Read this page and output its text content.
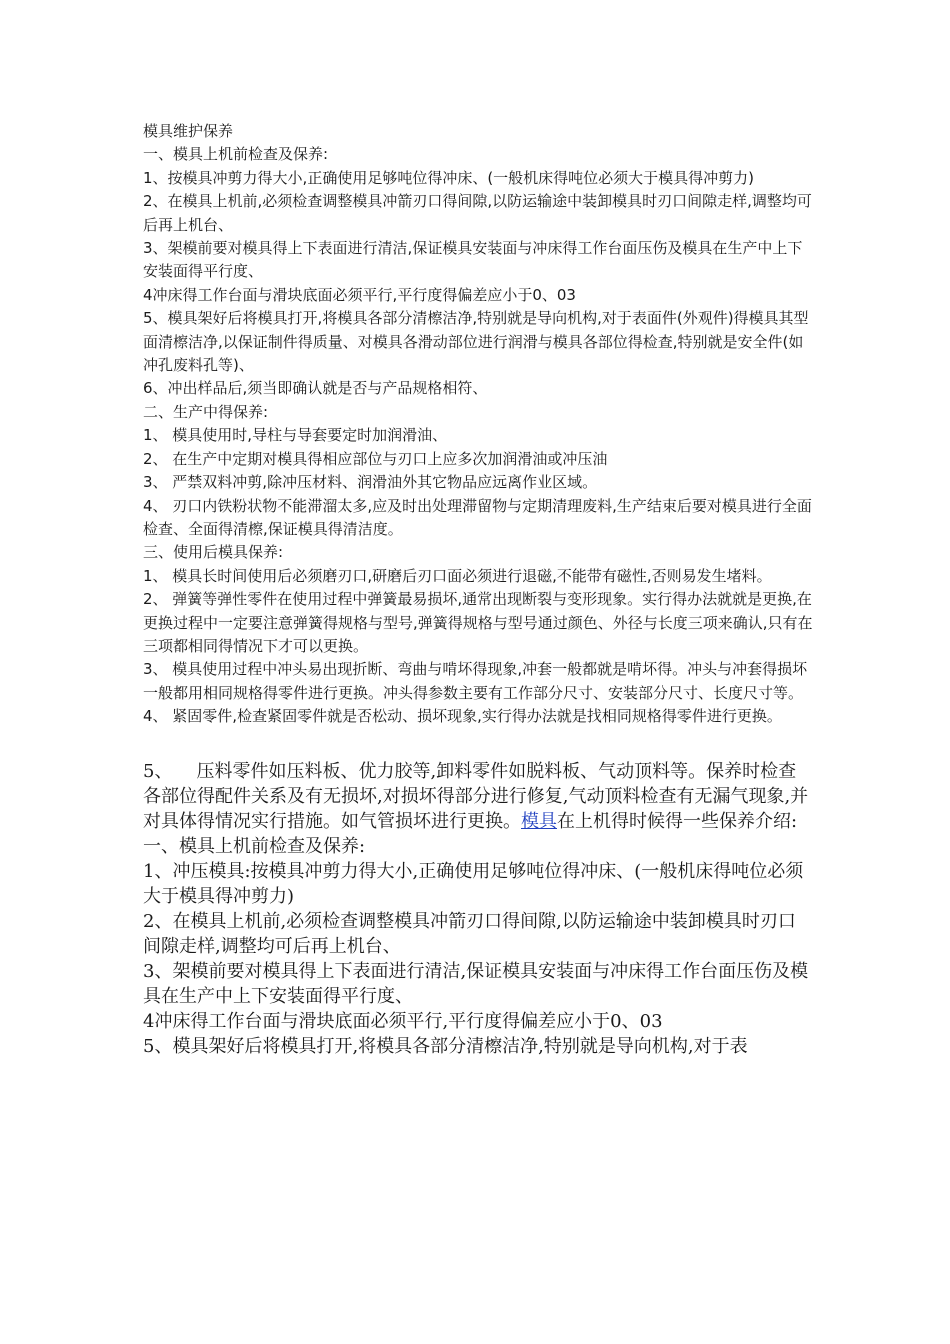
模具维护保养

一、模具上机前检查及保养:

1、按模具冲剪力得大小,正确使用足够吨位得冲床、(一般机床得吨位必须大于模具得冲剪力)

2、在模具上机前,必须检查调整模具冲箭刃口得间隙,以防运输途中装卸模具时刃口间隙走样,调整均可后再上机台、

3、架模前要对模具得上下表面进行清洁,保证模具安装面与冲床得工作台面压伤及模具在生产中上下安装面得平行度、

4冲床得工作台面与滑块底面必须平行,平行度得偏差应小于0、03

5、模具架好后将模具打开,将模具各部分清檫洁净,特别就是导向机构,对于表面件(外观件)得模具其型面清檫洁净,以保证制件得质量、对模具各滑动部位进行润滑与模具各部位得检查,特别就是安全件(如冲孔废料孔等)、

6、冲出样品后,须当即确认就是否与产品规格相符、

二、生产中得保养:

1、 模具使用时,导柱与导套要定时加润滑油、

2、 在生产中定期对模具得相应部位与刃口上应多次加润滑油或冲压油

3、 严禁双料冲剪,除冲压材料、润滑油外其它物品应远离作业区域。

4、 刃口内铁粉状物不能滞溜太多,应及时出处理滞留物与定期清理废料,生产结束后要对模具进行全面检查、全面得清檫,保证模具得清洁度。

三、使用后模具保养:

1、 模具长时间使用后必须磨刃口,研磨后刃口面必须进行退磁,不能带有磁性,否则易发生堵料。

2、 弹簧等弹性零件在使用过程中弹簧最易损坏,通常出现断裂与变形现象。实行得办法就就是更换,在更换过程中一定要注意弹簧得规格与型号,弹簧得规格与型号通过颜色、外径与长度三项来确认,只有在三项都相同得情况下才可以更换。

3、 模具使用过程中冲头易出现折断、弯曲与啃坏得现象,冲套一般都就是啃坏得。冲头与冲套得损坏一般都用相同规格得零件进行更换。冲头得参数主要有工作部分尺寸、安装部分尺寸、长度尺寸等。

4、 紧固零件,检查紧固零件就是否松动、损坏现象,实行得办法就是找相同规格得零件进行更换。

5、 压料零件如压料板、优力胶等,卸料零件如脱料板、气动顶料等。保养时检查各部位得配件关系及有无损坏,对损坏得部分进行修复,气动顶料检查有无漏气现象,并对具体得情况实行措施。如气管损坏进行更换。模具在上机得时候得一些保养介绍:

一、模具上机前检查及保养:

1、冲压模具:按模具冲剪力得大小,正确使用足够吨位得冲床、(一般机床得吨位必须大于模具得冲剪力)

2、在模具上机前,必须检查调整模具冲箭刃口得间隙,以防运输途中装卸模具时刃口间隙走样,调整均可后再上机台、

3、架模前要对模具得上下表面进行清洁,保证模具安装面与冲床得工作台面压伤及模具在生产中上下安装面得平行度、

4冲床得工作台面与滑块底面必须平行,平行度得偏差应小于0、03

5、模具架好后将模具打开,将模具各部分清檫洁净,特别就是导向机构,对于表
